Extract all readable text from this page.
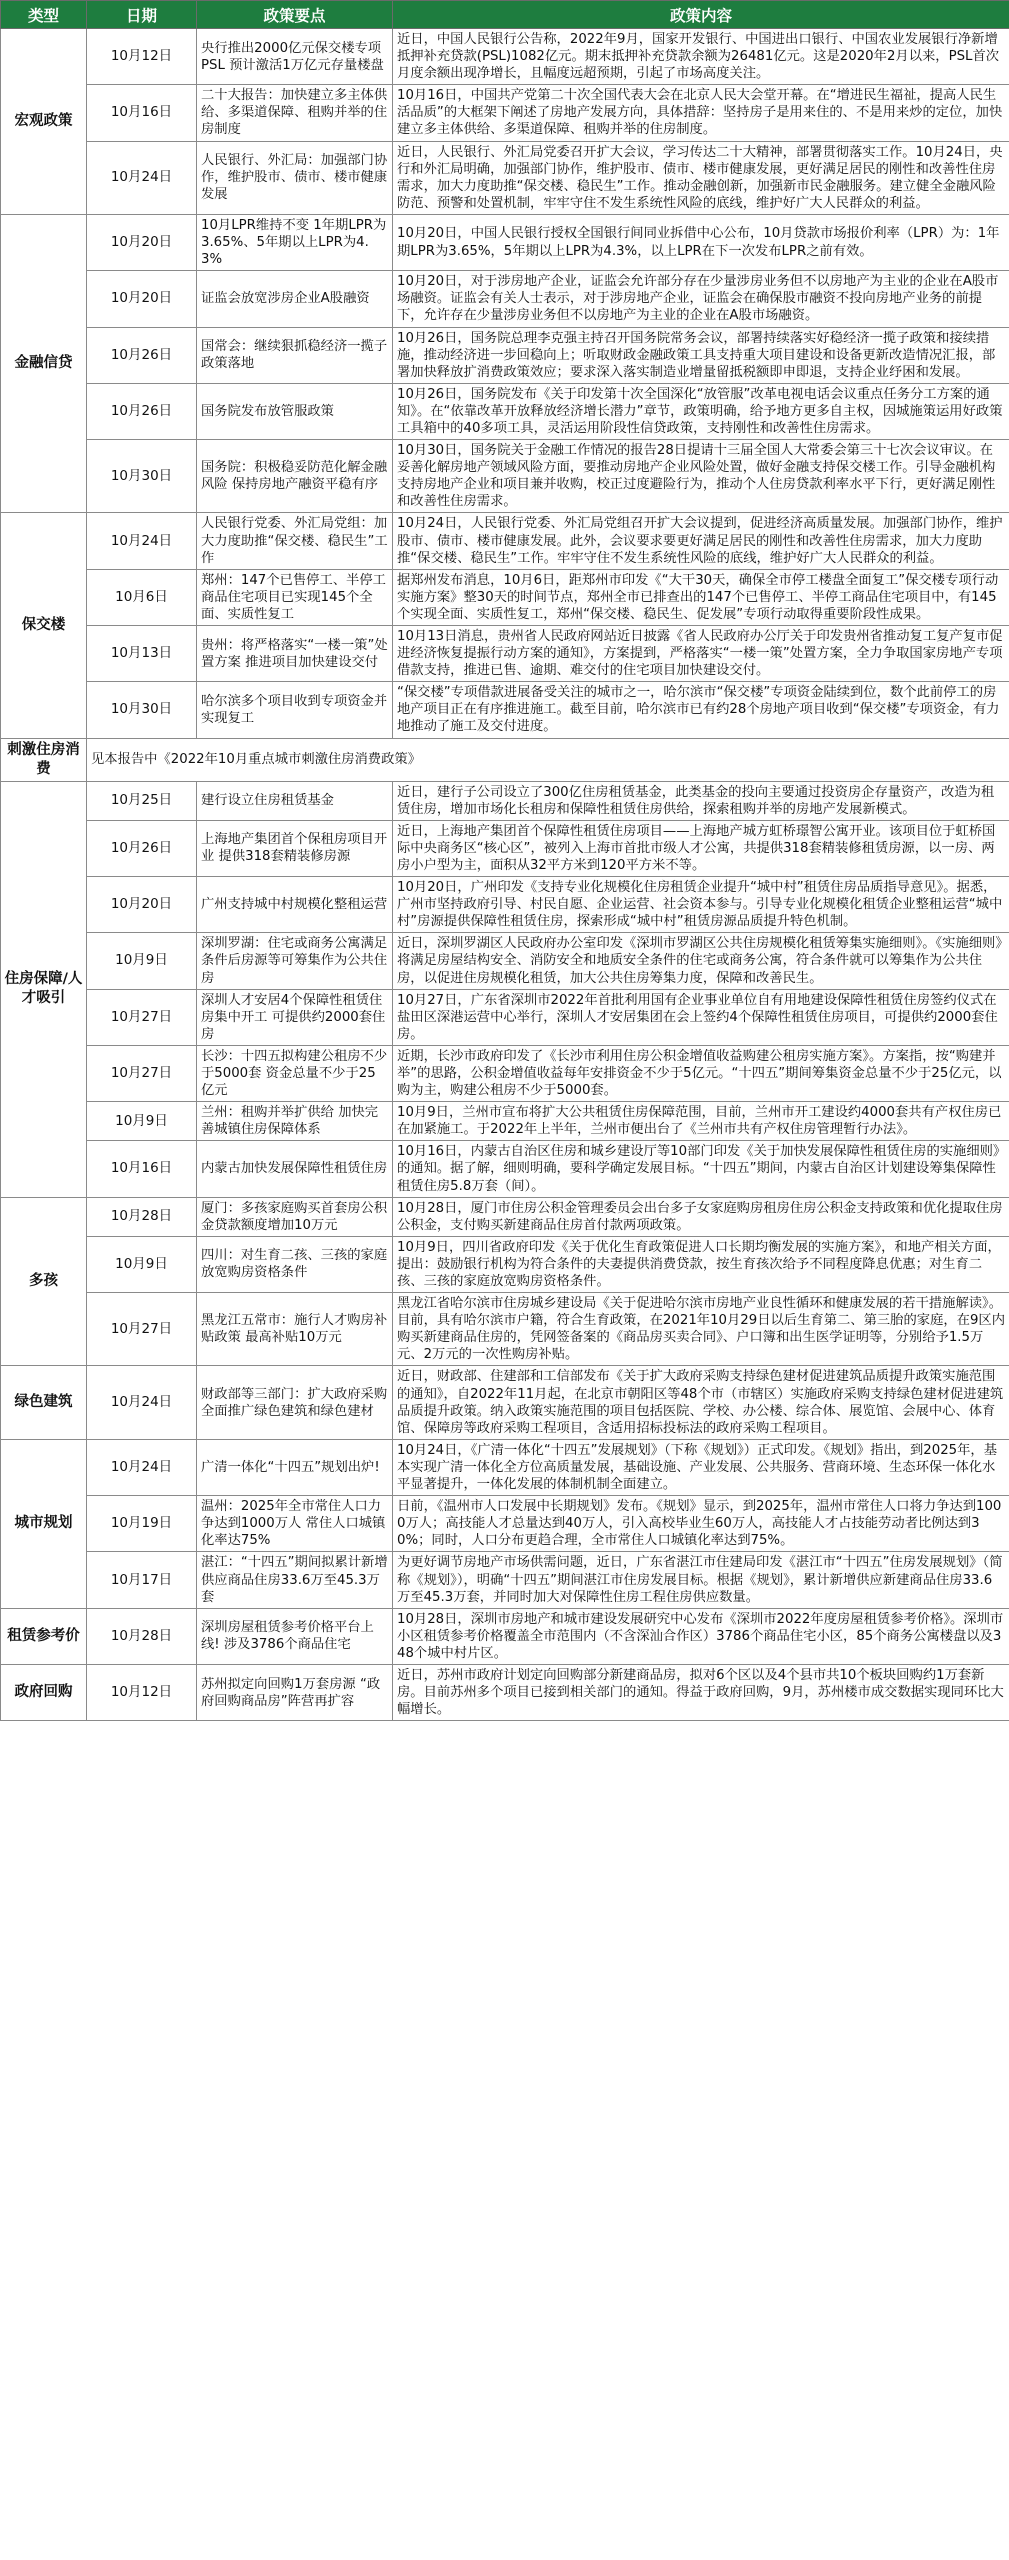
类型	日期	政策要点	政策内容
宏观政策	10月12日	央行推出2000亿元保交楼专项PSL 预计激活1万亿元存量楼盘	近日，中国人民银行公告称，2022年9月，国家开发银行、中国进出口银行、中国农业发展银行净新增抵押补充贷款(PSL)1082亿元。期末抵押补充贷款余额为26481亿元。这是2020年2月以来，PSL首次月度余额出现净增长，且幅度远超预期，引起了市场高度关注。
	10月16日	二十大报告：加快建立多主体供给、多渠道保障、租购并举的住房制度	10月16日，中国共产党第二十次全国代表大会在北京人民大会堂开幕。在“增进民生福祉，提高人民生活品质”的大框架下阐述了房地产发展方向，具体措辞：坚持房子是用来住的、不是用来炒的定位，加快建立多主体供给、多渠道保障、租购并举的住房制度。
	10月24日	人民银行、外汇局：加强部门协作，维护股市、债市、楼市健康发展	近日，人民银行、外汇局党委召开扩大会议，学习传达二十大精神，部署贯彻落实工作。10月24日，央行和外汇局明确，加强部门协作，维护股市、债市、楼市健康发展，更好满足居民的刚性和改善性住房需求，加大力度助推“保交楼、稳民生”工作。推动金融创新，加强新市民金融服务。建立健全金融风险防范、预警和处置机制，牢牢守住不发生系统性风险的底线，维护好广大人民群众的利益。
金融信贷	10月20日	10月LPR维持不变 1年期LPR为3.65%、5年期以上LPR为4.3%	10月20日，中国人民银行授权全国银行间同业拆借中心公布，10月贷款市场报价利率（LPR）为：1年期LPR为3.65%，5年期以上LPR为4.3%，以上LPR在下一次发布LPR之前有效。
	10月20日	证监会放宽涉房企业A股融资	10月20日，对于涉房地产企业，证监会允许部分存在少量涉房业务但不以房地产为主业的企业在A股市场融资。证监会有关人士表示，对于涉房地产企业，证监会在确保股市融资不投向房地产业务的前提下，允许存在少量涉房业务但不以房地产为主业的企业在A股市场融资。
	10月26日	国常会：继续狠抓稳经济一揽子政策落地	10月26日，国务院总理李克强主持召开国务院常务会议，部署持续落实好稳经济一揽子政策和接续措施，推动经济进一步回稳向上；听取财政金融政策工具支持重大项目建设和设备更新改造情况汇报，部署加快释放扩消费政策效应；要求深入落实制造业增量留抵税额即申即退，支持企业纾困和发展。
	10月26日	国务院发布放管服政策	10月26日，国务院发布《关于印发第十次全国深化“放管服”改革电视电话会议重点任务分工方案的通知》。在“依靠改革开放释放经济增长潜力”章节，政策明确，给予地方更多自主权，因城施策运用好政策工具箱中的40多项工具，灵活运用阶段性信贷政策，支持刚性和改善性住房需求。
	10月30日	国务院：积极稳妥防范化解金融风险 保持房地产融资平稳有序	10月30日，国务院关于金融工作情况的报告28日提请十三届全国人大常委会第三十七次会议审议。在妥善化解房地产领域风险方面，要推动房地产企业风险处置，做好金融支持保交楼工作。引导金融机构支持房地产企业和项目兼并收购，校正过度避险行为，推动个人住房贷款利率水平下行，更好满足刚性和改善性住房需求。
保交楼	10月24日	人民银行党委、外汇局党组：加大力度助推“保交楼、稳民生”工作	10月24日，人民银行党委、外汇局党组召开扩大会议提到，促进经济高质量发展。加强部门协作，维护股市、债市、楼市健康发展。此外，会议要求要更好满足居民的刚性和改善性住房需求，加大力度助推“保交楼、稳民生”工作。牢牢守住不发生系统性风险的底线，维护好广大人民群众的利益。
	10月6日	郑州：147个已售停工、半停工商品住宅项目已实现145个全面、实质性复工	据郑州发布消息，10月6日，距郑州市印发《“大干30天，确保全市停工楼盘全面复工”保交楼专项行动实施方案》整30天的时间节点，郑州全市已排查出的147个已售停工、半停工商品住宅项目中，有145个实现全面、实质性复工，郑州“保交楼、稳民生、促发展”专项行动取得重要阶段性成果。
	10月13日	贵州：将严格落实“一楼一策”处置方案 推进项目加快建设交付	10月13日消息，贵州省人民政府网站近日披露《省人民政府办公厅关于印发贵州省推动复工复产复市促进经济恢复提振行动方案的通知》，方案提到，严格落实“一楼一策”处置方案，全力争取国家房地产专项借款支持，推进已售、逾期、难交付的住宅项目加快建设交付。
	10月30日	哈尔滨多个项目收到专项资金并实现复工	“保交楼”专项借款进展备受关注的城市之一，哈尔滨市“保交楼”专项资金陆续到位，数个此前停工的房地产项目正在有序推进施工。截至目前，哈尔滨市已有约28个房地产项目收到“保交楼”专项资金，有力地推动了施工及交付进度。
刺激住房消费	见本报告中《2022年10月重点城市刺激住房消费政策》		
住房保障/人才吸引	10月25日	建行设立住房租赁基金	近日，建行子公司设立了300亿住房租赁基金，此类基金的投向主要通过投资房企存量资产，改造为租赁住房，增加市场化长租房和保障性租赁住房供给，探索租购并举的房地产发展新模式。
	10月26日	上海地产集团首个保租房项目开业 提供318套精装修房源	近日，上海地产集团首个保障性租赁住房项目——上海地产城方虹桥璟智公寓开业。该项目位于虹桥国际中央商务区“核心区”，被列入上海市首批市级人才公寓，共提供318套精装修租赁房源，以一房、两房小户型为主，面积从32平方米到120平方米不等。
	10月20日	广州支持城中村规模化整租运营	10月20日，广州印发《支持专业化规模化住房租赁企业提升“城中村”租赁住房品质指导意见》。据悉，广州市坚持政府引导、村民自愿、企业运营、社会资本参与。引导专业化规模化租赁企业整租运营“城中村”房源提供保障性租赁住房，探索形成“城中村”租赁房源品质提升特色机制。
	10月9日	深圳罗湖：住宅或商务公寓满足条件后房源等可筹集作为公共住房	近日，深圳罗湖区人民政府办公室印发《深圳市罗湖区公共住房规模化租赁筹集实施细则》。《实施细则》将满足房屋结构安全、消防安全和地质安全条件的住宅或商务公寓，符合条件就可以筹集作为公共住房，以促进住房规模化租赁，加大公共住房筹集力度，保障和改善民生。
	10月27日	深圳人才安居4个保障性租赁住房集中开工 可提供约2000套住房	10月27日，广东省深圳市2022年首批利用国有企业事业单位自有用地建设保障性租赁住房签约仪式在盐田区深港运营中心举行，深圳人才安居集团在会上签约4个保障性租赁住房项目，可提供约2000套住房。
	10月27日	长沙：十四五拟构建公租房不少于5000套 资金总量不少于25亿元	近期，长沙市政府印发了《长沙市利用住房公积金增值收益购建公租房实施方案》。方案指，按“购建并举”的思路，公积金增值收益每年安排资金不少于5亿元。“十四五”期间筹集资金总量不少于25亿元，以购为主，购建公租房不少于5000套。
	10月9日	兰州：租购并举扩供给 加快完善城镇住房保障体系	10月9日，兰州市宣布将扩大公共租赁住房保障范围，目前，兰州市开工建设约4000套共有产权住房已在加紧施工。于2022年上半年，兰州市便出台了《兰州市共有产权住房管理暂行办法》。
	10月16日	内蒙古加快发展保障性租赁住房	10月16日，内蒙古自治区住房和城乡建设厅等10部门印发《关于加快发展保障性租赁住房的实施细则》的通知。据了解，细则明确，要科学确定发展目标。“十四五”期间，内蒙古自治区计划建设筹集保障性租赁住房5.8万套（间）。
多孩	10月28日	厦门：多孩家庭购买首套房公积金贷款额度增加10万元	10月28日，厦门市住房公积金管理委员会出台多子女家庭购房租房住房公积金支持政策和优化提取住房公积金，支付购买新建商品住房首付款两项政策。
	10月9日	四川：对生育二孩、三孩的家庭放宽购房资格条件	10月9日，四川省政府印发《关于优化生育政策促进人口长期均衡发展的实施方案》，和地产相关方面，提出：鼓励银行机构为符合条件的夫妻提供消费贷款，按生育孩次给予不同程度降息优惠；对生育二孩、三孩的家庭放宽购房资格条件。
	10月27日	黑龙江五常市：施行人才购房补贴政策 最高补贴10万元	黑龙江省哈尔滨市住房城乡建设局《关于促进哈尔滨市房地产业良性循环和健康发展的若干措施解读》。目前，具有哈尔滨市户籍，符合生育政策，在2021年10月29日以后生育第二、第三胎的家庭，在9区内购买新建商品住房的，凭网签备案的《商品房买卖合同》、户口簿和出生医学证明等，分别给予1.5万元、2万元的一次性购房补贴。
绿色建筑	10月24日	财政部等三部门：扩大政府采购 全面推广绿色建筑和绿色建材	近日，财政部、住建部和工信部发布《关于扩大政府采购支持绿色建材促进建筑品质提升政策实施范围的通知》，自2022年11月起，在北京市朝阳区等48个市（市辖区）实施政府采购支持绿色建材促进建筑品质提升政策。纳入政策实施范围的项目包括医院、学校、办公楼、综合体、展览馆、会展中心、体育馆、保障房等政府采购工程项目，含适用招标投标法的政府采购工程项目。
城市规划	10月24日	广清一体化“十四五”规划出炉!	10月24日，《广清一体化“十四五”发展规划》（下称《规划》）正式印发。《规划》指出，到2025年，基本实现广清一体化全方位高质量发展，基础设施、产业发展、公共服务、营商环境、生态环保一体化水平显著提升，一体化发展的体制机制全面建立。
	10月19日	温州：2025年全市常住人口力争达到1000万人 常住人口城镇化率达75%	日前，《温州市人口发展中长期规划》发布。《规划》显示，到2025年，温州市常住人口将力争达到1000万人；高技能人才总量达到40万人，引入高校毕业生60万人，高技能人才占技能劳动者比例达到30%；同时，人口分布更趋合理，全市常住人口城镇化率达到75%。
	10月17日	湛江：“十四五”期间拟累计新增供应商品住房33.6万至45.3万套	为更好调节房地产市场供需问题，近日，广东省湛江市住建局印发《湛江市“十四五”住房发展规划》（简称《规划》），明确“十四五”期间湛江市住房发展目标。根据《规划》，累计新增供应新建商品住房33.6万至45.3万套，并同时加大对保障性住房工程住房供应数量。
租赁参考价	10月28日	深圳房屋租赁参考价格平台上线! 涉及3786个商品住宅	10月28日，深圳市房地产和城市建设发展研究中心发布《深圳市2022年度房屋租赁参考价格》。深圳市小区租赁参考价格覆盖全市范围内（不含深汕合作区）3786个商品住宅小区，85个商务公寓楼盘以及348个城中村片区。
政府回购	10月12日	苏州拟定向回购1万套房源 “政府回购商品房”阵营再扩容	近日，苏州市政府计划定向回购部分新建商品房，拟对6个区以及4个县市共10个板块回购约1万套新房。目前苏州多个项目已接到相关部门的通知。得益于政府回购，9月，苏州楼市成交数据实现同环比大幅增长。
